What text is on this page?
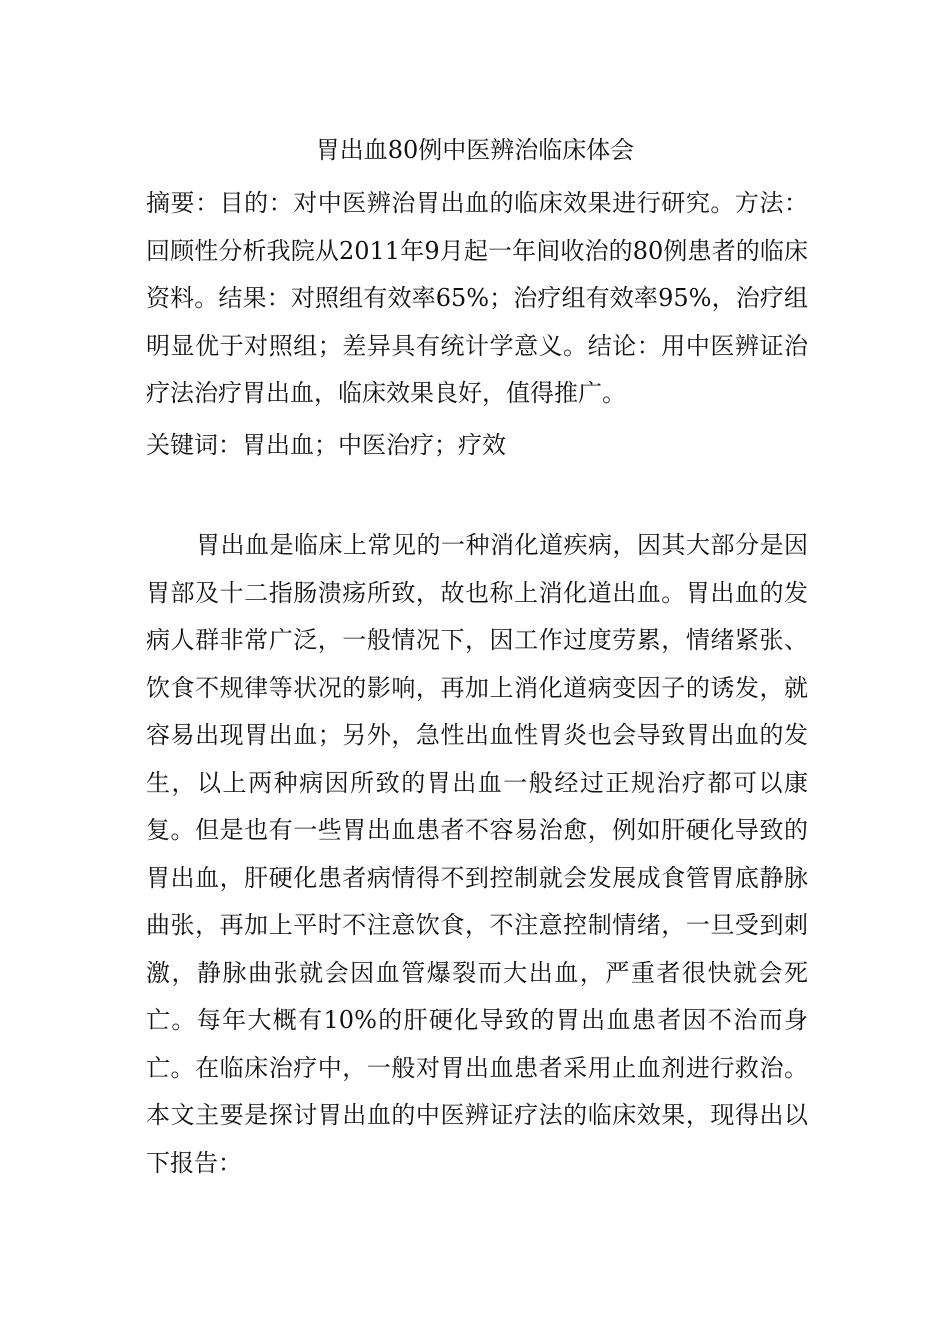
胃出血80例中医辨治临床体会

摘要：目的：对中医辨治胃出血的临床效果进行研究。方法：回顾性分析我院从2011年9月起一年间收治的80例患者的临床资料。结果：对照组有效率65%；治疗组有效率95%，治疗组明显优于对照组；差异具有统计学意义。结论：用中医辨证治疗法治疗胃出血，临床效果良好，值得推广。

关键词：胃出血；中医治疗；疗效

胃出血是临床上常见的一种消化道疾病，因其大部分是因胃部及十二指肠溃疡所致，故也称上消化道出血。胃出血的发病人群非常广泛，一般情况下，因工作过度劳累，情绪紧张、饮食不规律等状况的影响，再加上消化道病变因子的诱发，就容易出现胃出血；另外，急性出血性胃炎也会导致胃出血的发生，以上两种病因所致的胃出血一般经过正规治疗都可以康复。但是也有一些胃出血患者不容易治愈，例如肝硬化导致的胃出血，肝硬化患者病情得不到控制就会发展成食管胃底静脉曲张，再加上平时不注意饮食，不注意控制情绪，一旦受到刺激，静脉曲张就会因血管爆裂而大出血，严重者很快就会死亡。每年大概有10%的肝硬化导致的胃出血患者因不治而身亡。在临床治疗中，一般对胃出血患者采用止血剂进行救治。本文主要是探讨胃出血的中医辨证疗法的临床效果，现得出以下报告：
